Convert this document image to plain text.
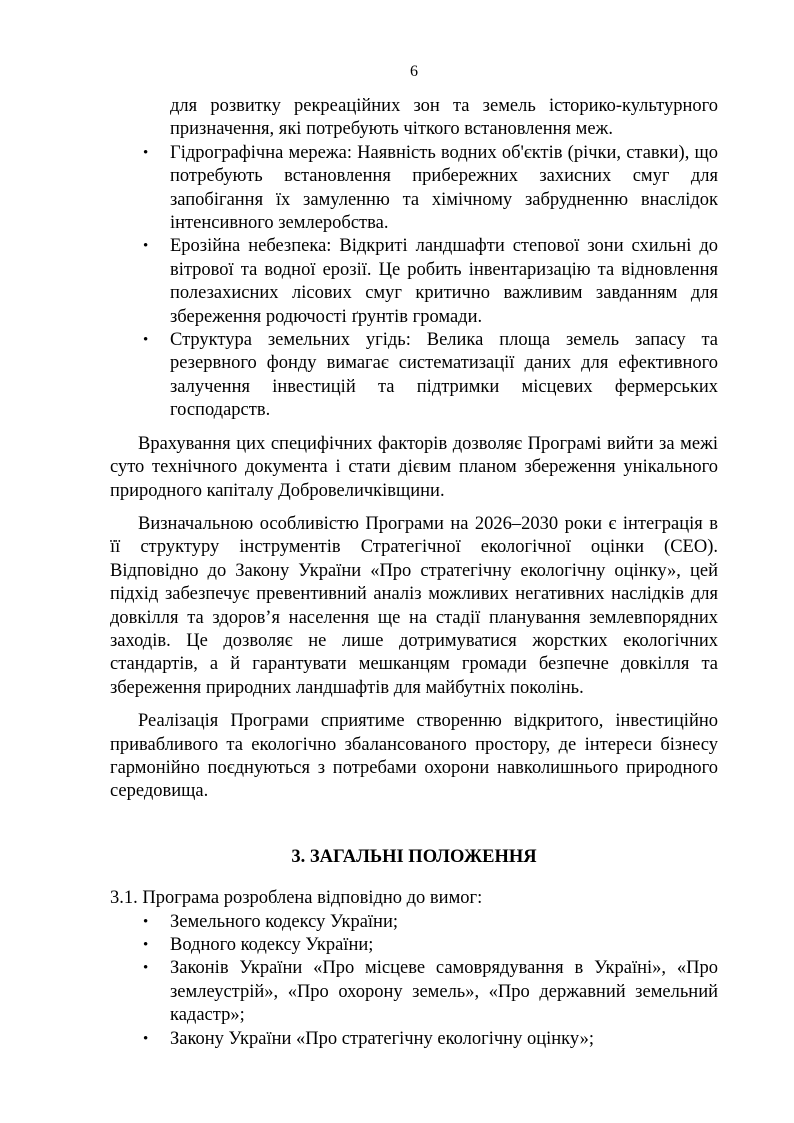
6
для розвитку рекреаційних зон та земель історико-культурного призначення, які потребують чіткого встановлення меж.
• Гідрографічна мережа: Наявність водних об'єктів (річки, ставки), що потребують встановлення прибережних захисних смуг для запобігання їх замуленню та хімічному забрудненню внаслідок інтенсивного землеробства.
• Ерозійна небезпека: Відкриті ландшафти степової зони схильні до вітрової та водної ерозії. Це робить інвентаризацію та відновлення полезахисних лісових смуг критично важливим завданням для збереження родючості ґрунтів громади.
• Структура земельних угідь: Велика площа земель запасу та резервного фонду вимагає систематизації даних для ефективного залучення інвестицій та підтримки місцевих фермерських господарств.

Врахування цих специфічних факторів дозволяє Програмі вийти за межі суто технічного документа і стати дієвим планом збереження унікального природного капіталу Добровеличківщини.

Визначальною особливістю Програми на 2026–2030 роки є інтеграція в її структуру інструментів Стратегічної екологічної оцінки (СЕО). Відповідно до Закону України «Про стратегічну екологічну оцінку», цей підхід забезпечує превентивний аналіз можливих негативних наслідків для довкілля та здоров’я населення ще на стадії планування землевпорядних заходів. Це дозволяє не лише дотримуватися жорстких екологічних стандартів, а й гарантувати мешканцям громади безпечне довкілля та збереження природних ландшафтів для майбутніх поколінь.

Реалізація Програми сприятиме створенню відкритого, інвестиційно привабливого та екологічно збалансованого простору, де інтереси бізнесу гармонійно поєднуються з потребами охорони навколишнього природного середовища.

3. ЗАГАЛЬНІ ПОЛОЖЕННЯ

3.1. Програма розроблена відповідно до вимог:

• Земельного кодексу України;
• Водного кодексу України;
• Законів України «Про місцеве самоврядування в Україні», «Про землеустрій», «Про охорону земель», «Про державний земельний кадастр»;
• Закону України «Про стратегічну екологічну оцінку»;
